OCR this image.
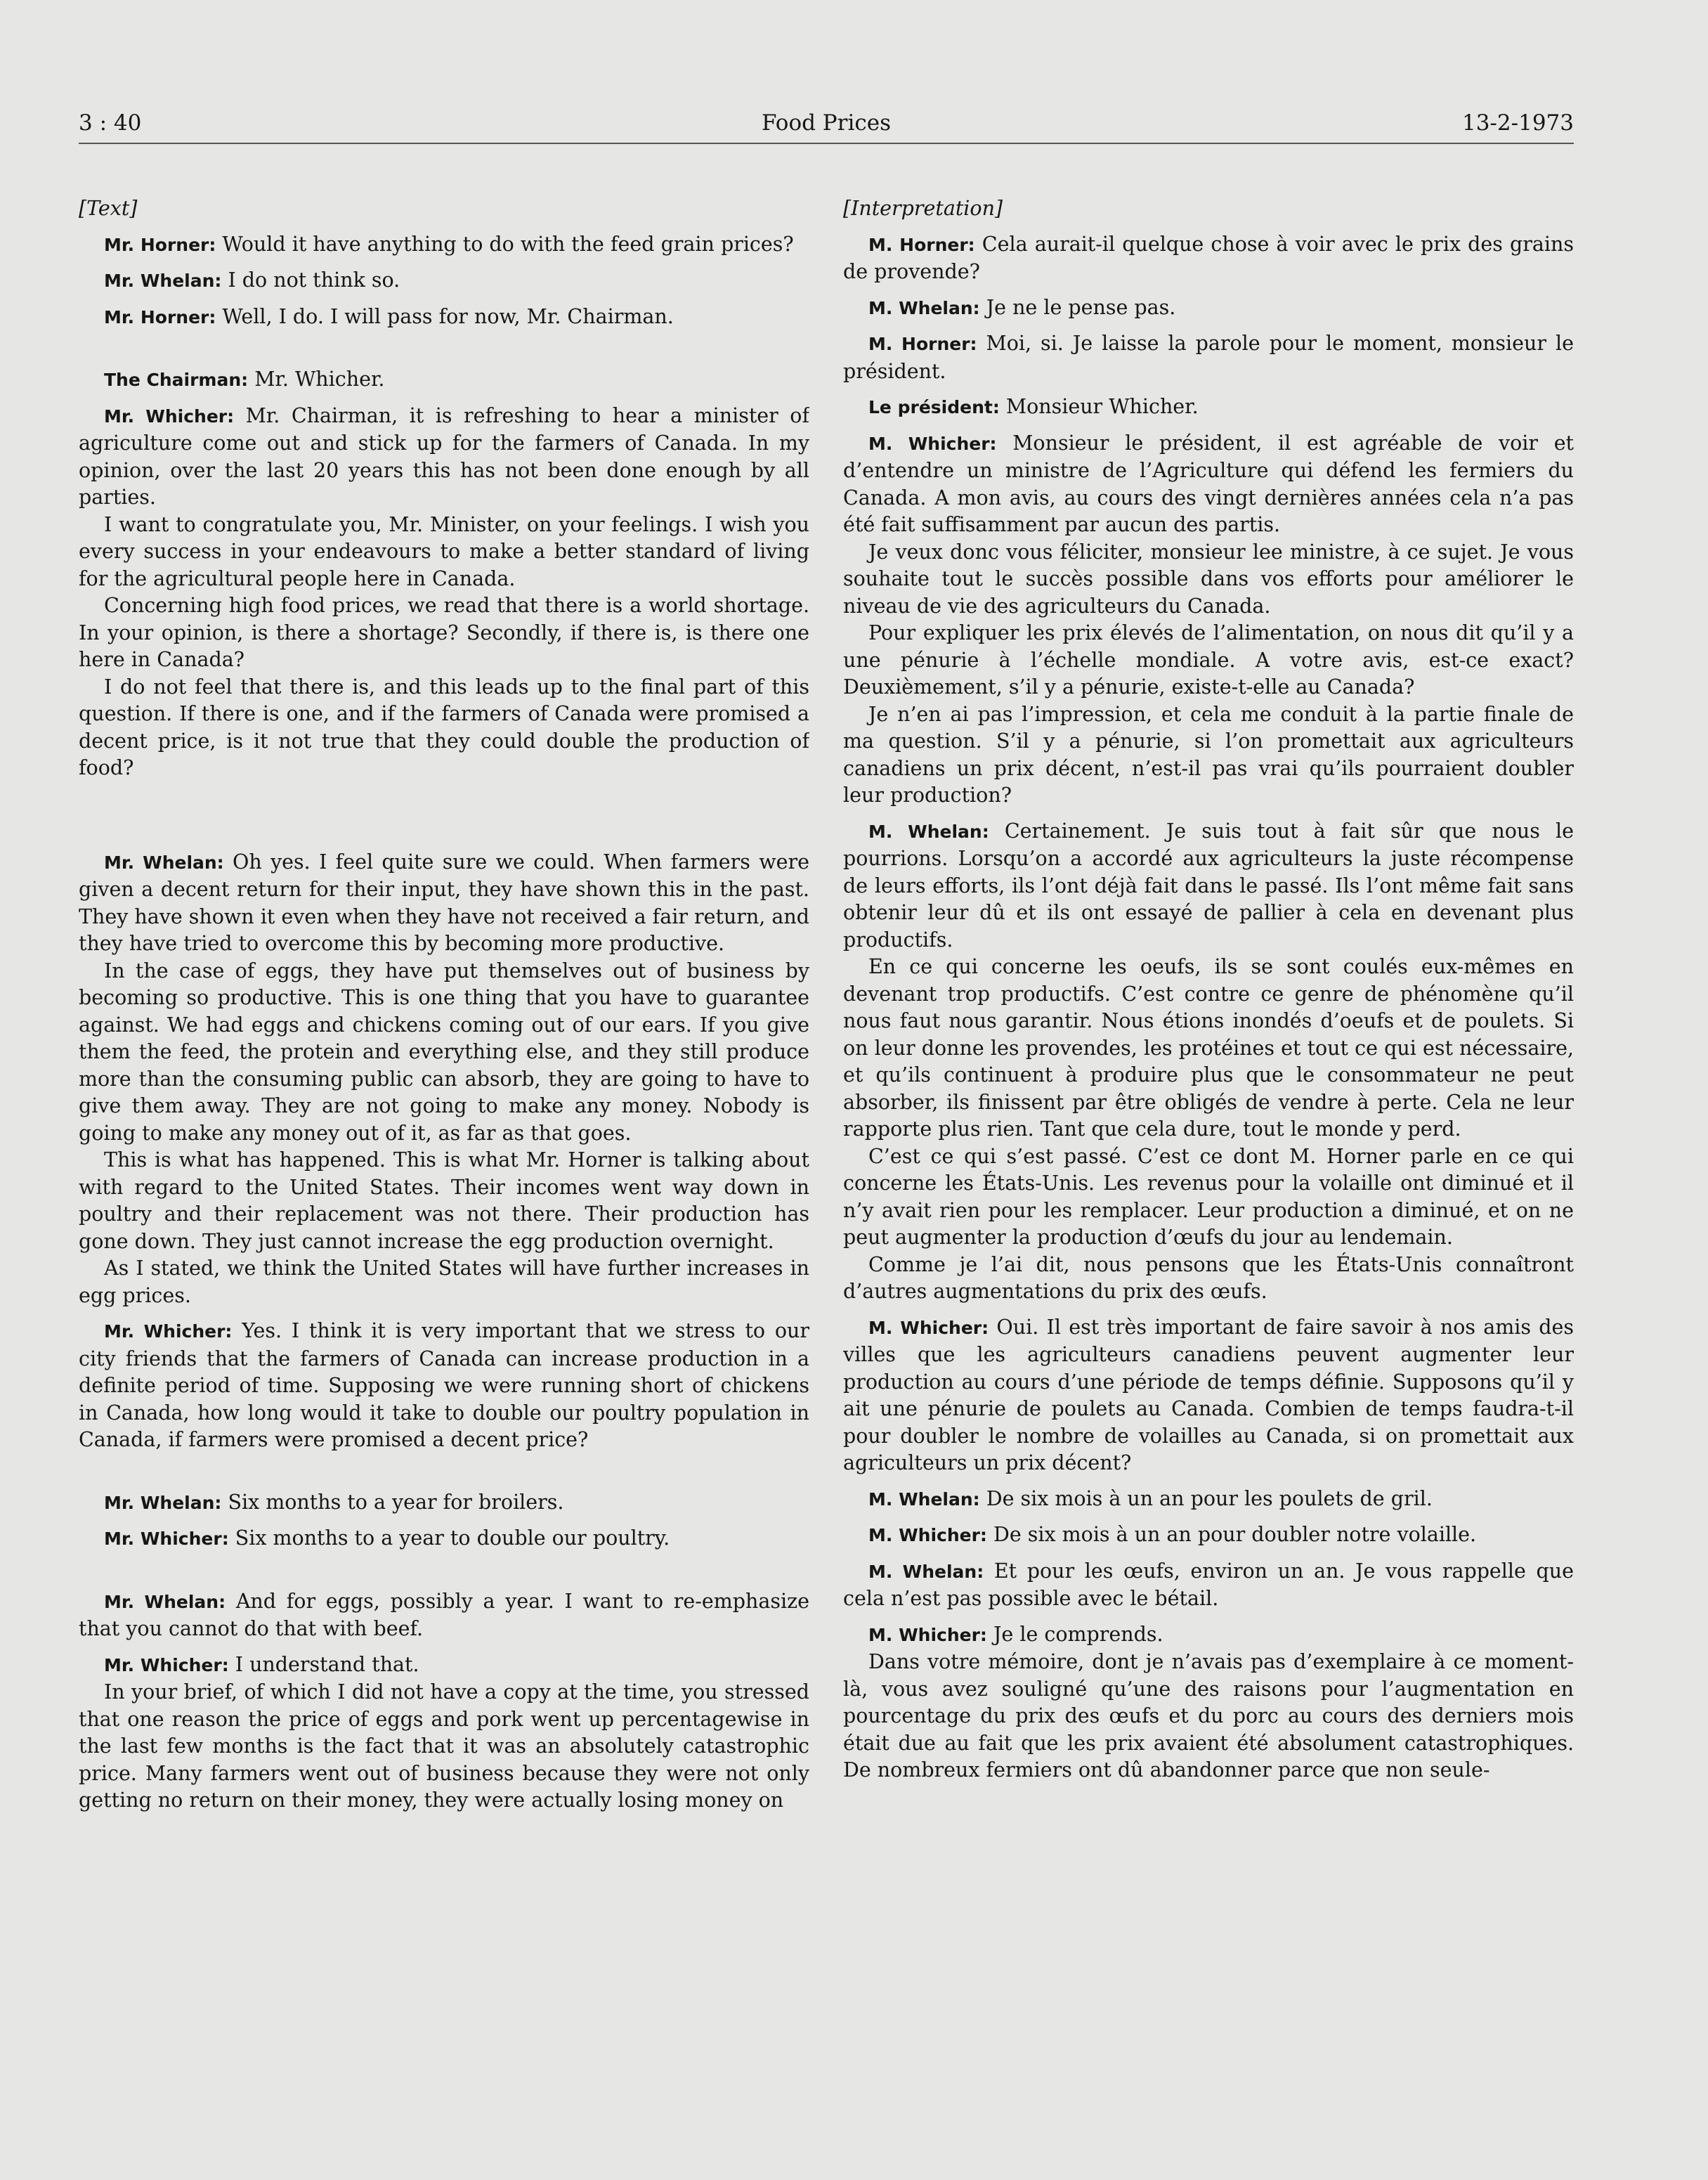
3 : 40	Food Prices	13-2-1973

[Text]

Mr. Horner: Would it have anything to do with the feed grain prices?

Mr. Whelan: I do not think so.

Mr. Horner: Well, I do. I will pass for now, Mr. Chairman.

The Chairman: Mr. Whicher.

Mr. Whicher: Mr. Chairman, it is refreshing to hear a minister of agriculture come out and stick up for the farmers of Canada. In my opinion, over the last 20 years this has not been done enough by all parties.

I want to congratulate you, Mr. Minister, on your feelings. I wish you every success in your endeavours to make a better standard of living for the agricultural people here in Canada.

Concerning high food prices, we read that there is a world shortage. In your opinion, is there a shortage? Secondly, if there is, is there one here in Canada?

I do not feel that there is, and this leads up to the final part of this question. If there is one, and if the farmers of Canada were promised a decent price, is it not true that they could double the production of food?

Mr. Whelan: Oh yes. I feel quite sure we could. When farmers were given a decent return for their input, they have shown this in the past. They have shown it even when they have not received a fair return, and they have tried to overcome this by becoming more productive.

In the case of eggs, they have put themselves out of business by becoming so productive. This is one thing that you have to guarantee against. We had eggs and chickens coming out of our ears. If you give them the feed, the protein and everything else, and they still produce more than the consuming public can absorb, they are going to have to give them away. They are not going to make any money. Nobody is going to make any money out of it, as far as that goes.

This is what has happened. This is what Mr. Horner is talking about with regard to the United States. Their incomes went way down in poultry and their replacement was not there. Their production has gone down. They just cannot increase the egg production overnight.

As I stated, we think the United States will have further increases in egg prices.

Mr. Whicher: Yes. I think it is very important that we stress to our city friends that the farmers of Canada can increase production in a definite period of time. Supposing we were running short of chickens in Canada, how long would it take to double our poultry population in Canada, if farmers were promised a decent price?

Mr. Whelan: Six months to a year for broilers.

Mr. Whicher: Six months to a year to double our poultry.

Mr. Whelan: And for eggs, possibly a year. I want to re-emphasize that you cannot do that with beef.

Mr. Whicher: I understand that.

In your brief, of which I did not have a copy at the time, you stressed that one reason the price of eggs and pork went up percentagewise in the last few months is the fact that it was an absolutely catastrophic price. Many farmers went out of business because they were not only getting no return on their money, they were actually losing money on

[Interpretation]

M. Horner: Cela aurait-il quelque chose à voir avec le prix des grains de provende?

M. Whelan: Je ne le pense pas.

M. Horner: Moi, si. Je laisse la parole pour le moment, monsieur le président.

Le président: Monsieur Whicher.

M. Whicher: Monsieur le président, il est agréable de voir et d’entendre un ministre de l’Agriculture qui défend les fermiers du Canada. A mon avis, au cours des vingt dernières années cela n’a pas été fait suffisamment par aucun des partis.

Je veux donc vous féliciter, monsieur lee ministre, à ce sujet. Je vous souhaite tout le succès possible dans vos efforts pour améliorer le niveau de vie des agriculteurs du Canada.

Pour expliquer les prix élevés de l’alimentation, on nous dit qu’il y a une pénurie à l’échelle mondiale. A votre avis, est-ce exact? Deuxièmement, s’il y a pénurie, existe-t-elle au Canada?

Je n’en ai pas l’impression, et cela me conduit à la partie finale de ma question. S’il y a pénurie, si l’on promettait aux agriculteurs canadiens un prix décent, n’est-il pas vrai qu’ils pourraient doubler leur production?

M. Whelan: Certainement. Je suis tout à fait sûr que nous le pourrions. Lorsqu’on a accordé aux agriculteurs la juste récompense de leurs efforts, ils l’ont déjà fait dans le passé. Ils l’ont même fait sans obtenir leur dû et ils ont essayé de pallier à cela en devenant plus productifs.

En ce qui concerne les oeufs, ils se sont coulés eux-mêmes en devenant trop productifs. C’est contre ce genre de phénomène qu’il nous faut nous garantir. Nous étions inondés d’oeufs et de poulets. Si on leur donne les provendes, les protéines et tout ce qui est nécessaire, et qu’ils continuent à produire plus que le consommateur ne peut absorber, ils finissent par être obligés de vendre à perte. Cela ne leur rapporte plus rien. Tant que cela dure, tout le monde y perd.

C’est ce qui s’est passé. C’est ce dont M. Horner parle en ce qui concerne les États-Unis. Les revenus pour la volaille ont diminué et il n’y avait rien pour les remplacer. Leur production a diminué, et on ne peut augmenter la production d’œufs du jour au lendemain.

Comme je l’ai dit, nous pensons que les États-Unis connaîtront d’autres augmentations du prix des œufs.

M. Whicher: Oui. Il est très important de faire savoir à nos amis des villes que les agriculteurs canadiens peuvent augmenter leur production au cours d’une période de temps définie. Supposons qu’il y ait une pénurie de poulets au Canada. Combien de temps faudra-t-il pour doubler le nombre de volailles au Canada, si on promettait aux agriculteurs un prix décent?

M. Whelan: De six mois à un an pour les poulets de gril.

M. Whicher: De six mois à un an pour doubler notre volaille.

M. Whelan: Et pour les œufs, environ un an. Je vous rappelle que cela n’est pas possible avec le bétail.

M. Whicher: Je le comprends.

Dans votre mémoire, dont je n’avais pas d’exemplaire à ce moment-là, vous avez souligné qu’une des raisons pour l’augmentation en pourcentage du prix des œufs et du porc au cours des derniers mois était due au fait que les prix avaient été absolument catastrophiques. De nombreux fermiers ont dû abandonner parce que non seule-
